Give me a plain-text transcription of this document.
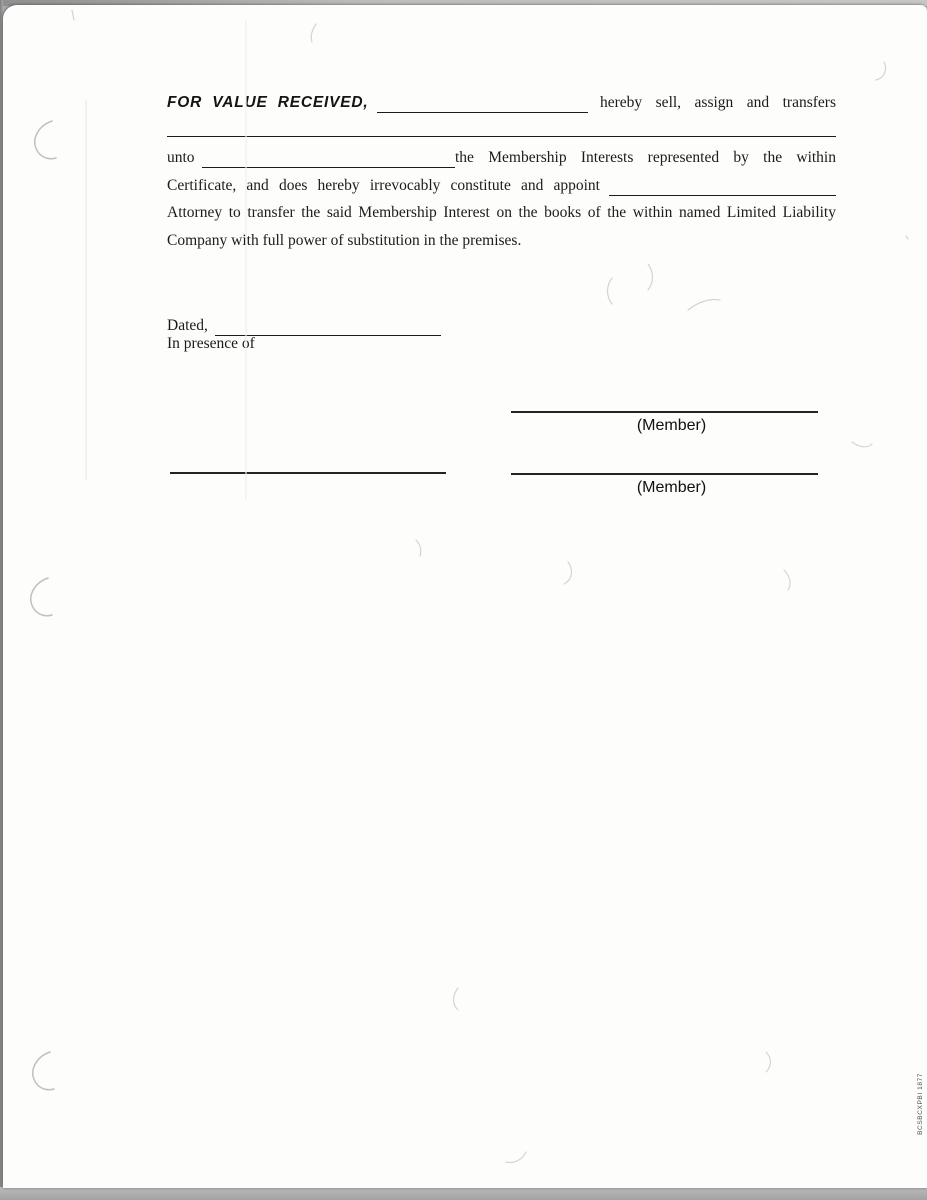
FOR VALUE RECEIVED,	hereby sell, assign and transfers
unto	the Membership Interests represented by the within
Certificate, and does hereby irrevocably constitute and appoint
Attorney to transfer the said Membership Interest on the books of the within named Limited Liability
Company with full power of substitution in the premises.
Dated,
In presence of
(Member)
(Member)
BCSBCXPBI 1877
